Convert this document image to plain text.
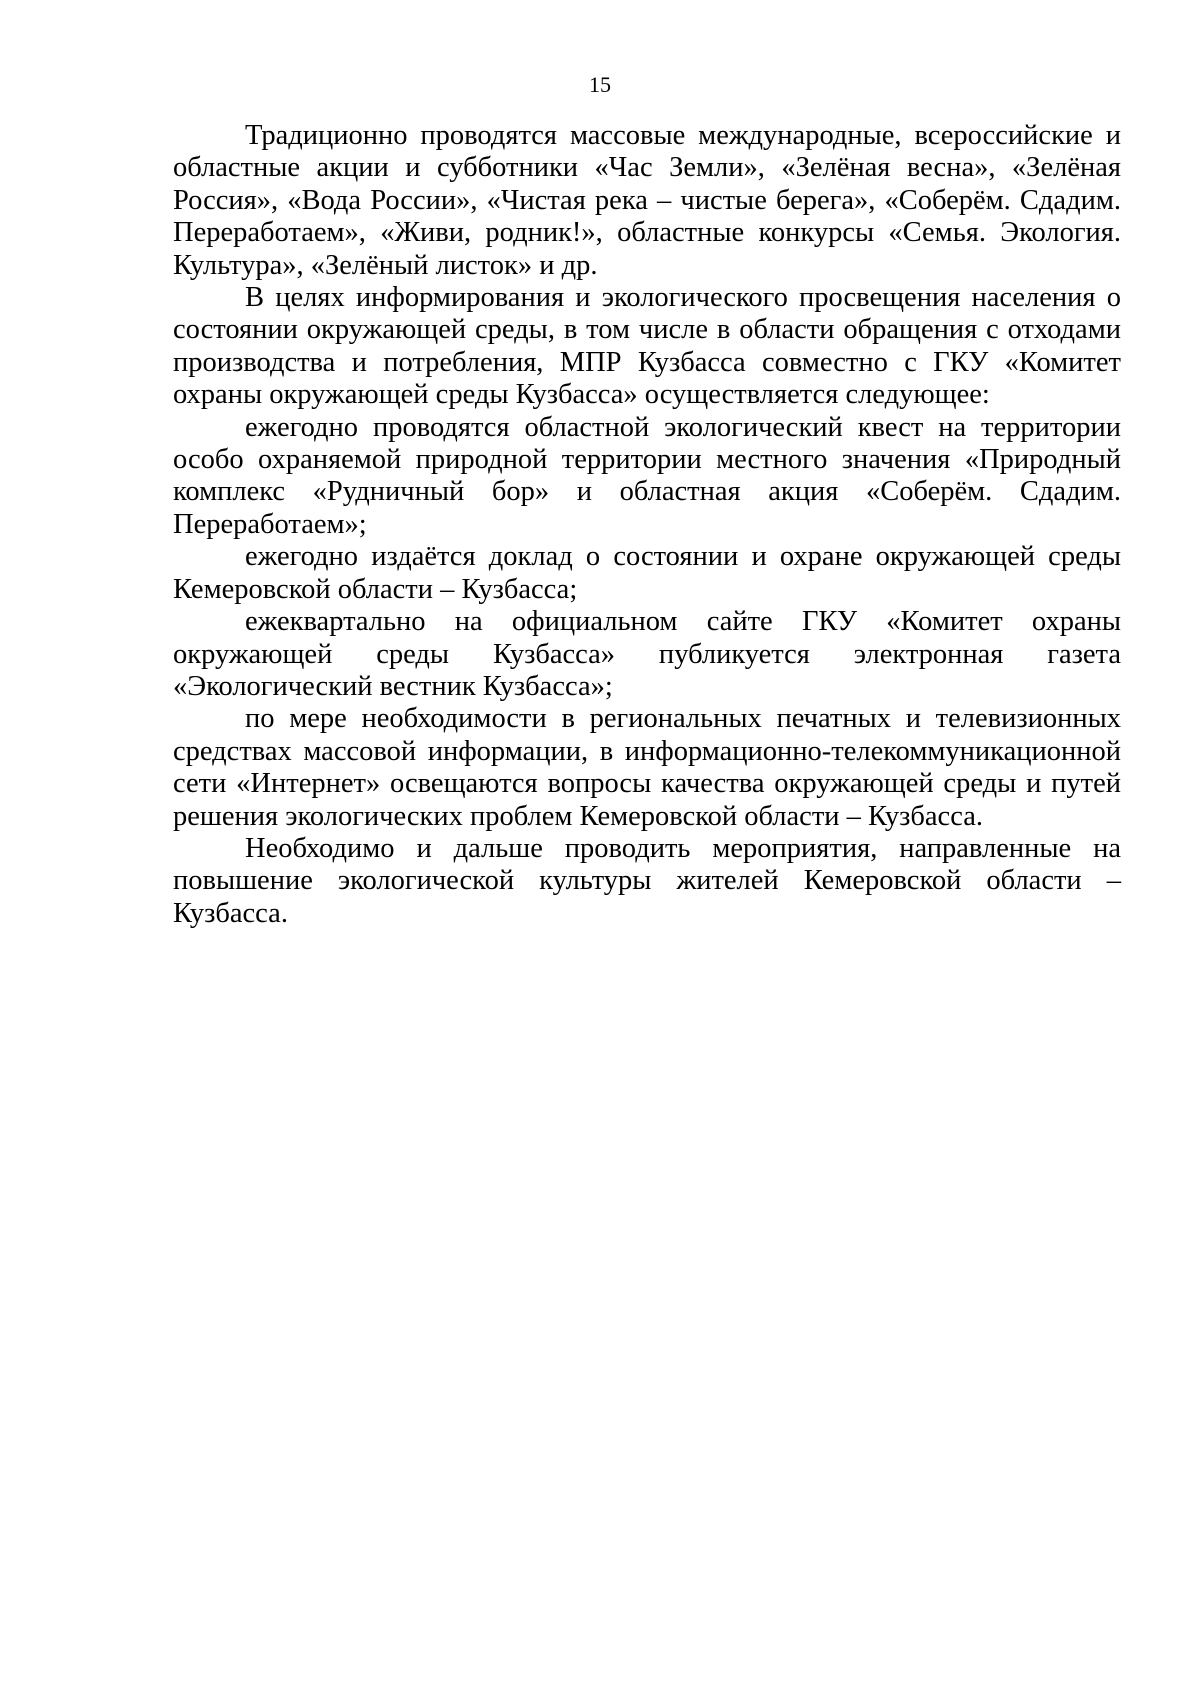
15

Традиционно проводятся массовые международные, всероссийские и областные акции и субботники «Час Земли», «Зелёная весна», «Зелёная Россия», «Вода России», «Чистая река – чистые берега», «Соберём. Сдадим. Переработаем», «Живи, родник!», областные конкурсы «Семья. Экология. Культура», «Зелёный листок» и др.

В целях информирования и экологического просвещения населения о состоянии окружающей среды, в том числе в области обращения с отходами производства и потребления, МПР Кузбасса совместно с ГКУ «Комитет охраны окружающей среды Кузбасса» осуществляется следующее:

ежегодно проводятся областной экологический квест на территории особо охраняемой природной территории местного значения «Природный комплекс «Рудничный бор» и областная акция «Соберём. Сдадим. Переработаем»;

ежегодно издаётся доклад о состоянии и охране окружающей среды Кемеровской области – Кузбасса;

ежеквартально на официальном сайте ГКУ «Комитет охраны окружающей среды Кузбасса» публикуется электронная газета «Экологический вестник Кузбасса»;

по мере необходимости в региональных печатных и телевизионных средствах массовой информации, в информационно-телекоммуникационной сети «Интернет» освещаются вопросы качества окружающей среды и путей решения экологических проблем Кемеровской области – Кузбасса.

Необходимо и дальше проводить мероприятия, направленные на повышение экологической культуры жителей Кемеровской области – Кузбасса.
